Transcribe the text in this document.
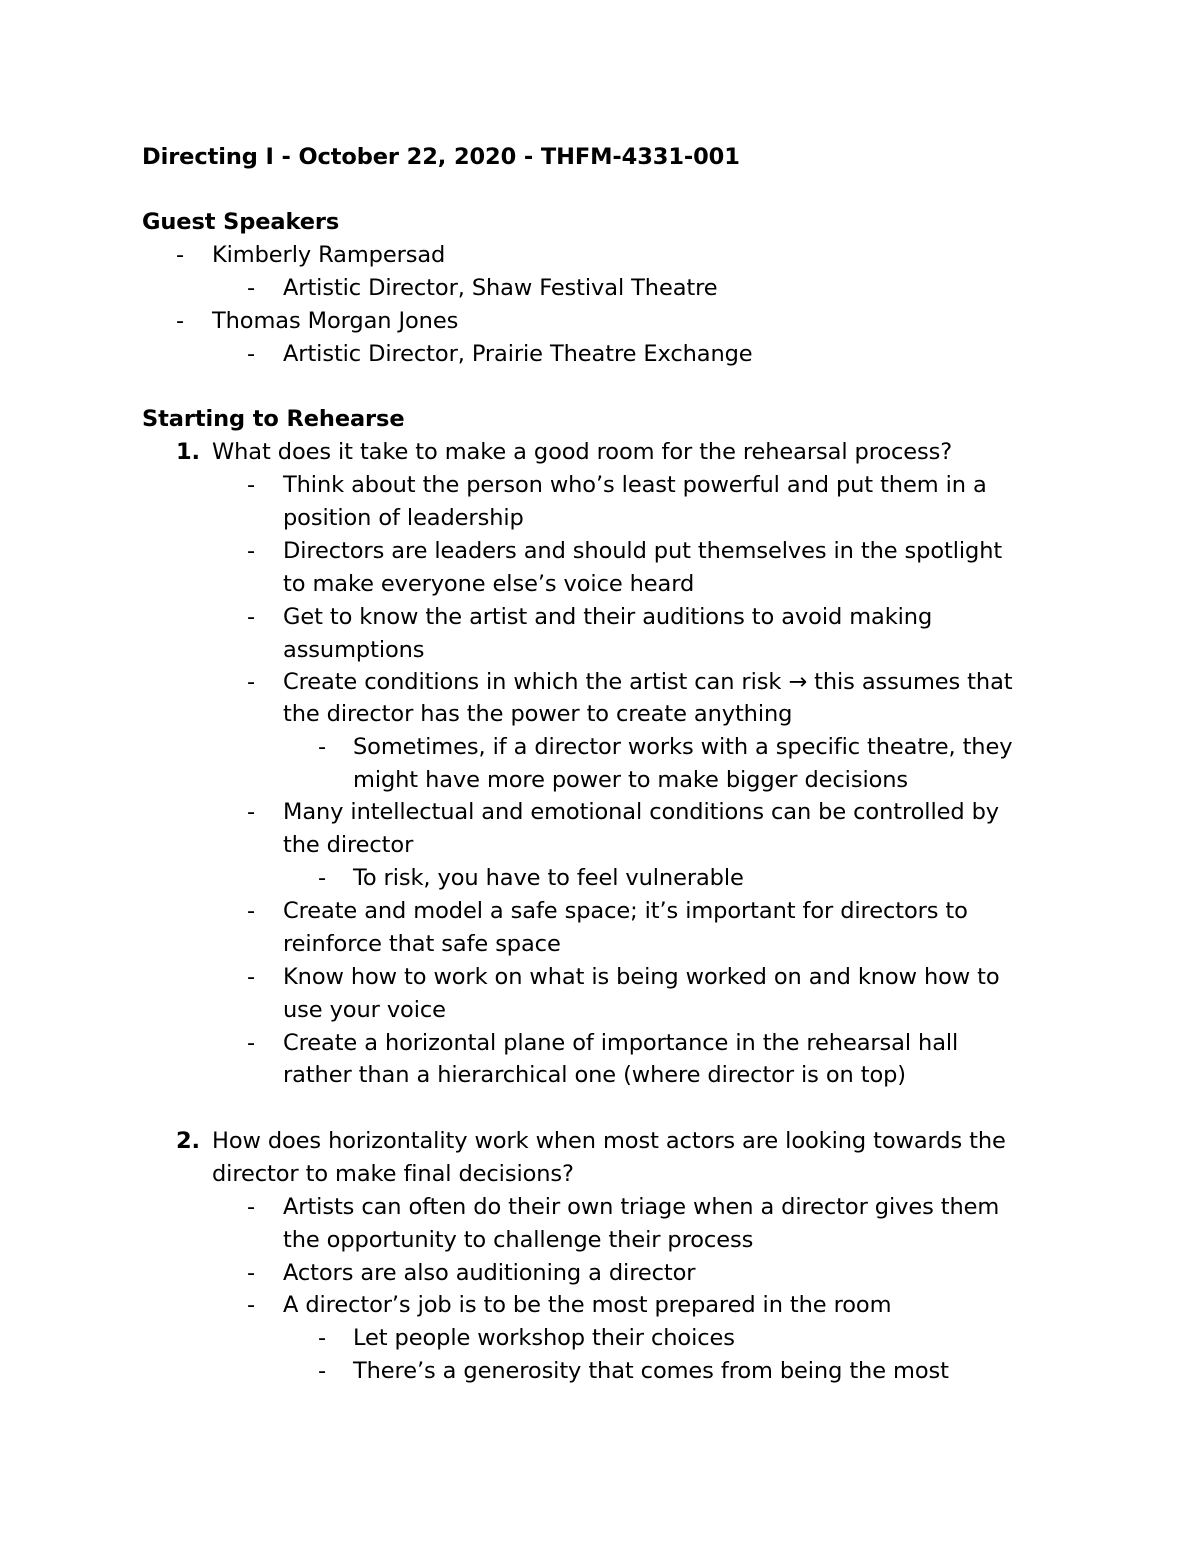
Directing I - October 22, 2020 - THFM-4331-001
Guest Speakers
- Kimberly Rampersad
- Artistic Director, Shaw Festival Theatre
- Thomas Morgan Jones
- Artistic Director, Prairie Theatre Exchange
Starting to Rehearse
1. What does it take to make a good room for the rehearsal process?
- Think about the person who’s least powerful and put them in a
position of leadership
- Directors are leaders and should put themselves in the spotlight
to make everyone else’s voice heard
- Get to know the artist and their auditions to avoid making
assumptions
- Create conditions in which the artist can risk → this assumes that
the director has the power to create anything
- Sometimes, if a director works with a specific theatre, they
might have more power to make bigger decisions
- Many intellectual and emotional conditions can be controlled by
the director
- To risk, you have to feel vulnerable
- Create and model a safe space; it’s important for directors to
reinforce that safe space
- Know how to work on what is being worked on and know how to
use your voice
- Create a horizontal plane of importance in the rehearsal hall
rather than a hierarchical one (where director is on top)
2. How does horizontality work when most actors are looking towards the
director to make final decisions?
- Artists can often do their own triage when a director gives them
the opportunity to challenge their process
- Actors are also auditioning a director
- A director’s job is to be the most prepared in the room
- Let people workshop their choices
- There’s a generosity that comes from being the most
